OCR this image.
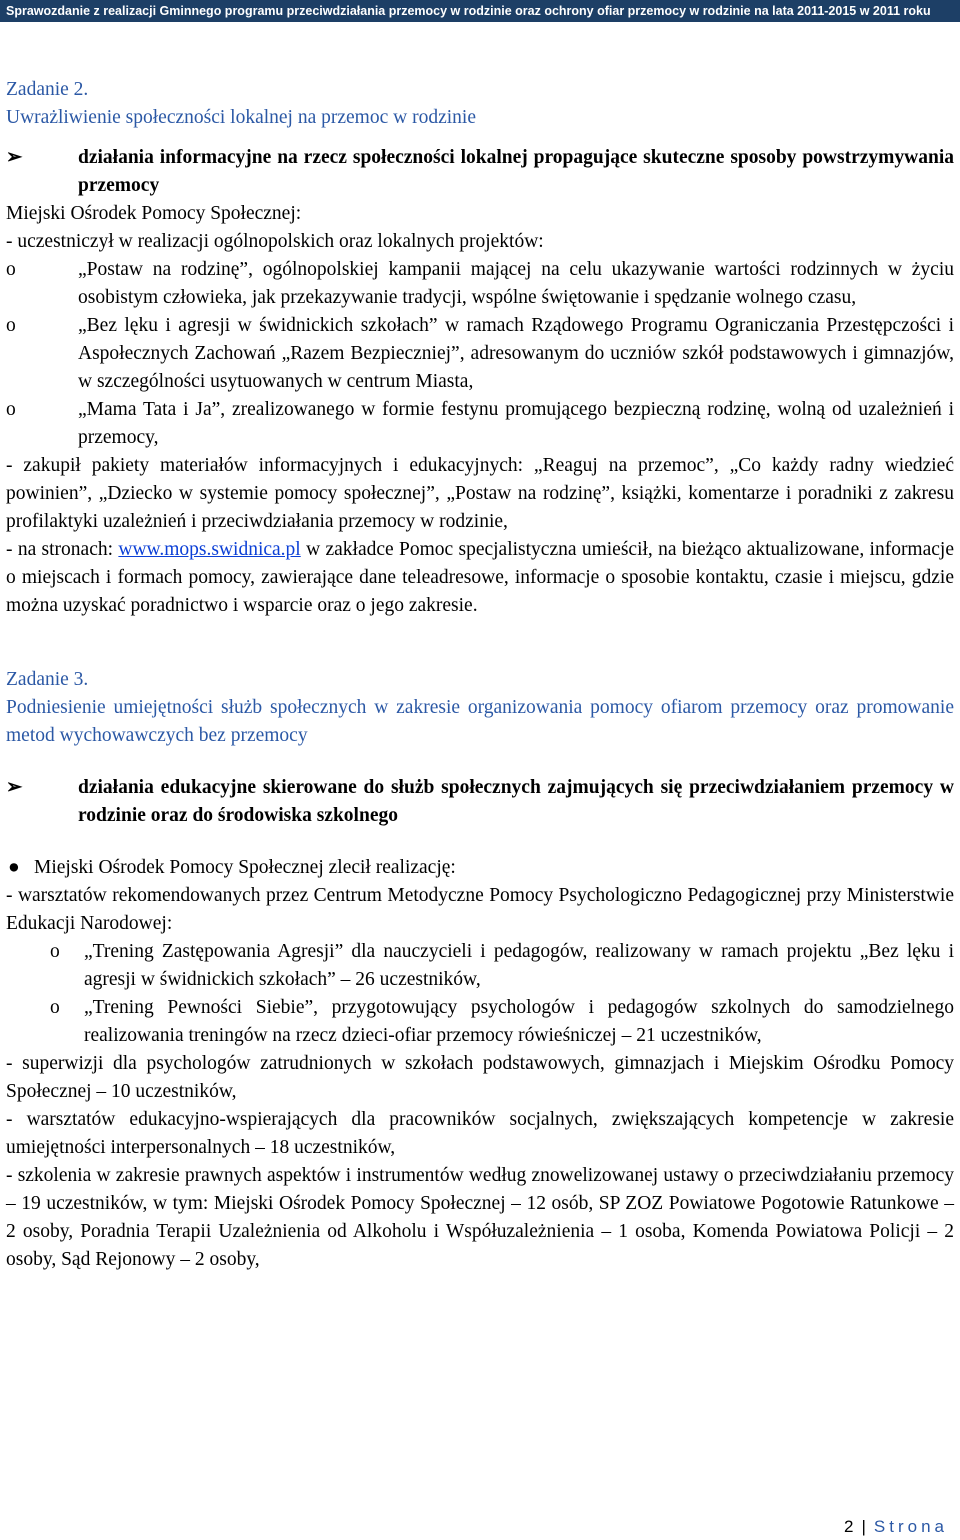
Sprawozdanie z realizacji Gminnego programu przeciwdziałania przemocy w rodzinie oraz ochrony ofiar przemocy w rodzinie na lata 2011-2015 w 2011 roku
Zadanie 2.
Uwrażliwienie społeczności lokalnej na przemoc w rodzinie
➢	działania informacyjne na rzecz społeczności lokalnej propagujące skuteczne sposoby powstrzymywania przemocy
Miejski Ośrodek Pomocy Społecznej:
- uczestniczył w realizacji ogólnopolskich oraz lokalnych projektów:
o	„Postaw na rodzinę”, ogólnopolskiej kampanii mającej na celu ukazywanie wartości rodzinnych w życiu osobistym człowieka, jak przekazywanie tradycji, wspólne świętowanie i spędzanie wolnego czasu,
o	„Bez lęku i agresji w świdnickich szkołach” w ramach Rządowego Programu Ograniczania Przestępczości i Aspołecznych Zachowań „Razem Bezpieczniej”, adresowanym do uczniów szkół podstawowych i gimnazjów, w szczególności usytuowanych w centrum Miasta,
o	„Mama Tata i Ja”, zrealizowanego w formie festynu promującego bezpieczną rodzinę, wolną od uzależnień i przemocy,

- zakupił pakiety materiałów informacyjnych i edukacyjnych: „Reaguj na przemoc”, „Co każdy radny wiedzieć powinien”, „Dziecko w systemie pomocy społecznej”, „Postaw na rodzinę”, książki, komentarze i poradniki z zakresu profilaktyki uzależnień i przeciwdziałania przemocy w rodzinie,

- na stronach: www.mops.swidnica.pl w zakładce Pomoc specjalistyczna umieścił, na bieżąco aktualizowane, informacje o miejscach i formach pomocy, zawierające dane teleadresowe, informacje o sposobie kontaktu, czasie i miejscu, gdzie można uzyskać poradnictwo i wsparcie oraz o jego zakresie.

Zadanie 3.
Podniesienie umiejętności służb społecznych w zakresie organizowania pomocy ofiarom przemocy oraz promowanie metod wychowawczych bez przemocy
➢	działania edukacyjne skierowane do służb społecznych zajmujących się przeciwdziałaniem przemocy w rodzinie oraz do środowiska szkolnego
● Miejski Ośrodek Pomocy Społecznej zlecił realizację:

- warsztatów rekomendowanych przez Centrum Metodyczne Pomocy Psychologiczno Pedagogicznej przy Ministerstwie Edukacji Narodowej:

o „Trening Zastępowania Agresji” dla nauczycieli i pedagogów, realizowany w ramach projektu „Bez lęku i agresji w świdnickich szkołach” – 26 uczestników,
o „Trening Pewności Siebie”, przygotowujący psychologów i pedagogów szkolnych do samodzielnego realizowania treningów na rzecz dzieci-ofiar przemocy rówieśniczej – 21 uczestników,

- superwizji dla psychologów zatrudnionych w szkołach podstawowych, gimnazjach i Miejskim Ośrodku Pomocy Społecznej – 10 uczestników,

- warsztatów edukacyjno-wspierających dla pracowników socjalnych, zwiększających kompetencje w zakresie umiejętności interpersonalnych – 18 uczestników,

- szkolenia w zakresie prawnych aspektów i instrumentów według znowelizowanej ustawy o przeciwdziałaniu przemocy – 19 uczestników, w tym: Miejski Ośrodek Pomocy Społecznej – 12 osób, SP ZOZ Powiatowe Pogotowie Ratunkowe – 2 osoby, Poradnia Terapii Uzależnienia od Alkoholu i Współuzależnienia – 1 osoba, Komenda Powiatowa Policji – 2 osoby, Sąd Rejonowy – 2 osoby,

2 | Strona
